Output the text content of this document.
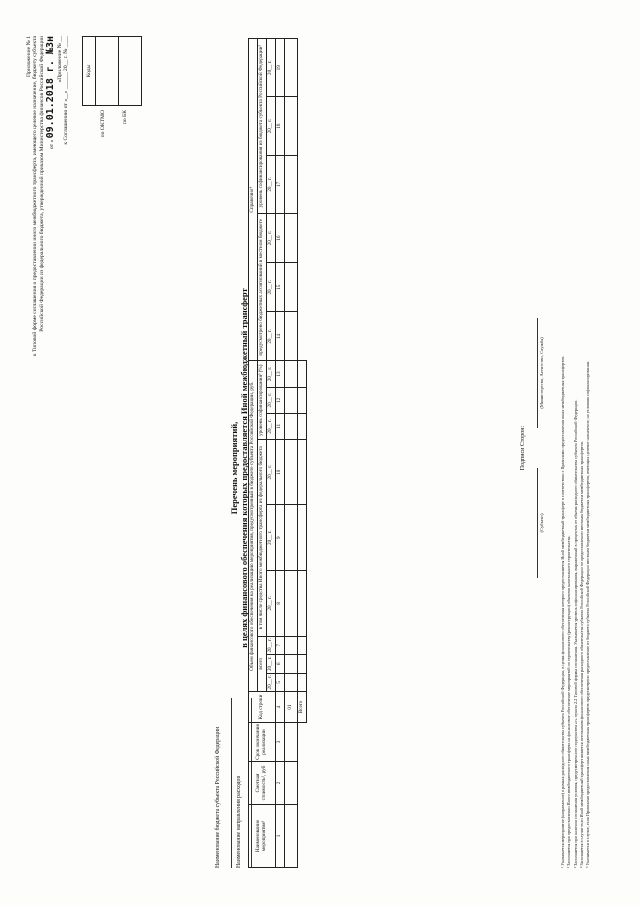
Приложение № 1 к Типовой форме соглашения о предоставлении иного межбюджетного трансферта, имеющего целевое назначение, бюджету субъекта Российской Федерации из федерального бюджета, утвержденной приказом Министерства финансов Российской Федерации от « 09.01.2018 г. №3н «Приложение № __ к Соглашению от «__» ______ 20__ г. № ____	Коды

по ОКТМО	по БК
Наименование бюджета субъекта Российской Федерации	Наименование направления расходов
Перечень мероприятий, в целях финансового обеспечения которых предоставляется Иной межбюджетный трансферт
Наименование мероприятия¹	Сметная стоимость², руб	Срок окончания реализации	Код строки	Объем финансового обеспечения на реализацию мероприятия, предусмотренный в бюджете субъекта Российской Федерации, руб.									Справочно⁴					
				всего			в том числе средства Иного межбюджетного трансферта из федерального бюджета			уровень софинансирования³ (%)			предусмотрено бюджетных ассигнований в местном бюджете			уровень софинансирования из бюджета субъекта Российской Федерации⁵		

				20__ г.	20__ г.	20__ г.	20__ г.	20__ г.	20__ г.	20__ г.	20__ г.	20__ г.	20__ г.	20__ г.	20__ г.	20__ г.	20__ г.	20__ г.
1	2	3	4	5	6	7	8	9	10	11	12	13	14	15	16	17	18	19
			01															
			Всего															
Подписи Сторон:
(Субъект)
(Министерство, Агентство, Служба)	¹ Указывается мероприятие (направление) в рамках расходного обязательства субъекта Российской Федерации, в целях финансового обеспечения которого предоставляется Иной межбюджетный трансферт в соответствии с Правилами предоставления иных межбюджетных трансфертов. ² Заполняется при предоставлении Иного межбюджетного трансферта на финансовое обеспечение мероприятий по строительству (реконструкции) объектов капитального строительства. ³ Заполняется при наличии соглашения условия, предусмотренного подпунктом «г» пункта 2.2 Типовой формы соглашения. Указывается уровень софинансирования, выраженный в процентах от объема расходного обязательства субъекта Российской Федерации. ⁴ Заполняется в случае если Иной межбюджетный трансферт является источником финансового обеспечения расходного обязательства субъекта Российской Федерации по предоставлению местным бюджетам межбюджетных трансфертов. ⁵ Указывается в случае, если Правилами предоставления иных межбюджетных трансфертов предусмотрено предоставление из бюджета субъекта Российской Федерации местным бюджетам межбюджетных трансфертов, имеющих целевое назначение, на условиях софинансирования.
